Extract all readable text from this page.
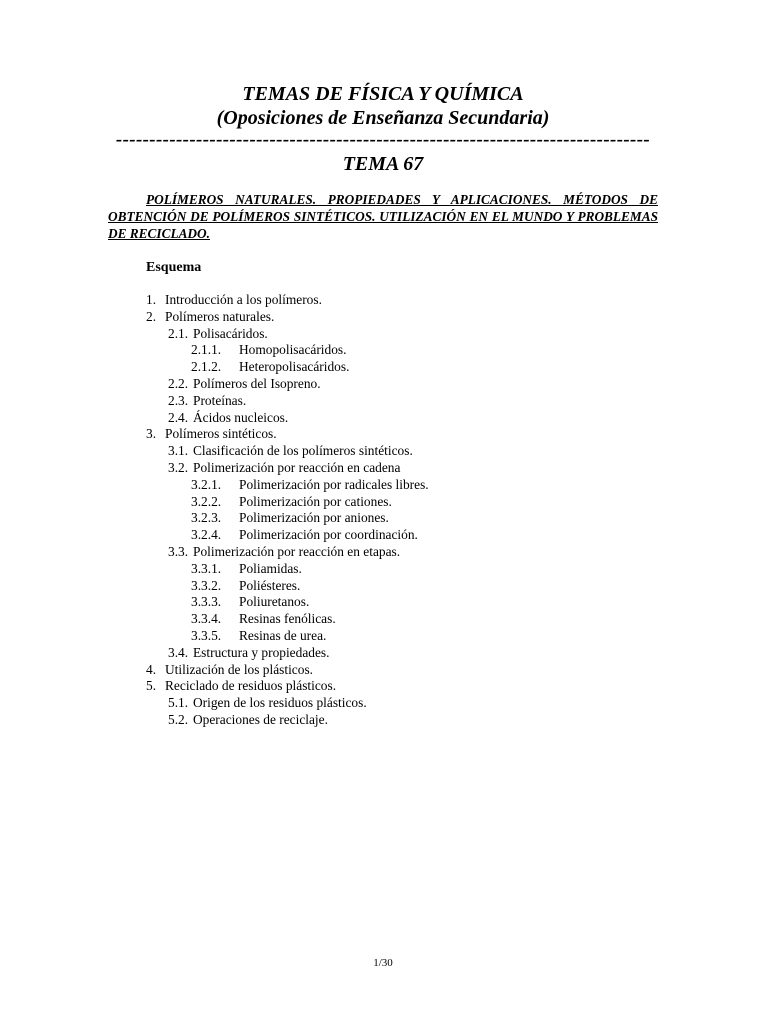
TEMAS DE FÍSICA Y QUÍMICA
(Oposiciones de Enseñanza Secundaria)
--------------------------------------------------------------------------------
TEMA 67
POLÍMEROS NATURALES. PROPIEDADES Y APLICACIONES. MÉTODOS DE OBTENCIÓN DE POLÍMEROS SINTÉTICOS. UTILIZACIÓN EN EL MUNDO Y PROBLEMAS DE RECICLADO.
Esquema
1. Introducción a los polímeros.
2. Polímeros naturales.
2.1. Polisacáridos.
2.1.1. Homopolisacáridos.
2.1.2. Heteropolisacáridos.
2.2. Polímeros del Isopreno.
2.3. Proteínas.
2.4. Ácidos nucleicos.
3. Polímeros sintéticos.
3.1. Clasificación de los polímeros sintéticos.
3.2. Polimerización por reacción en cadena
3.2.1. Polimerización por radicales libres.
3.2.2. Polimerización por cationes.
3.2.3. Polimerización por aniones.
3.2.4. Polimerización por coordinación.
3.3. Polimerización por reacción en etapas.
3.3.1. Poliamidas.
3.3.2. Poliésteres.
3.3.3. Poliuretanos.
3.3.4. Resinas fenólicas.
3.3.5. Resinas de urea.
3.4. Estructura y propiedades.
4. Utilización de los plásticos.
5. Reciclado de residuos plásticos.
5.1. Origen de los residuos plásticos.
5.2. Operaciones de reciclaje.
1/30
